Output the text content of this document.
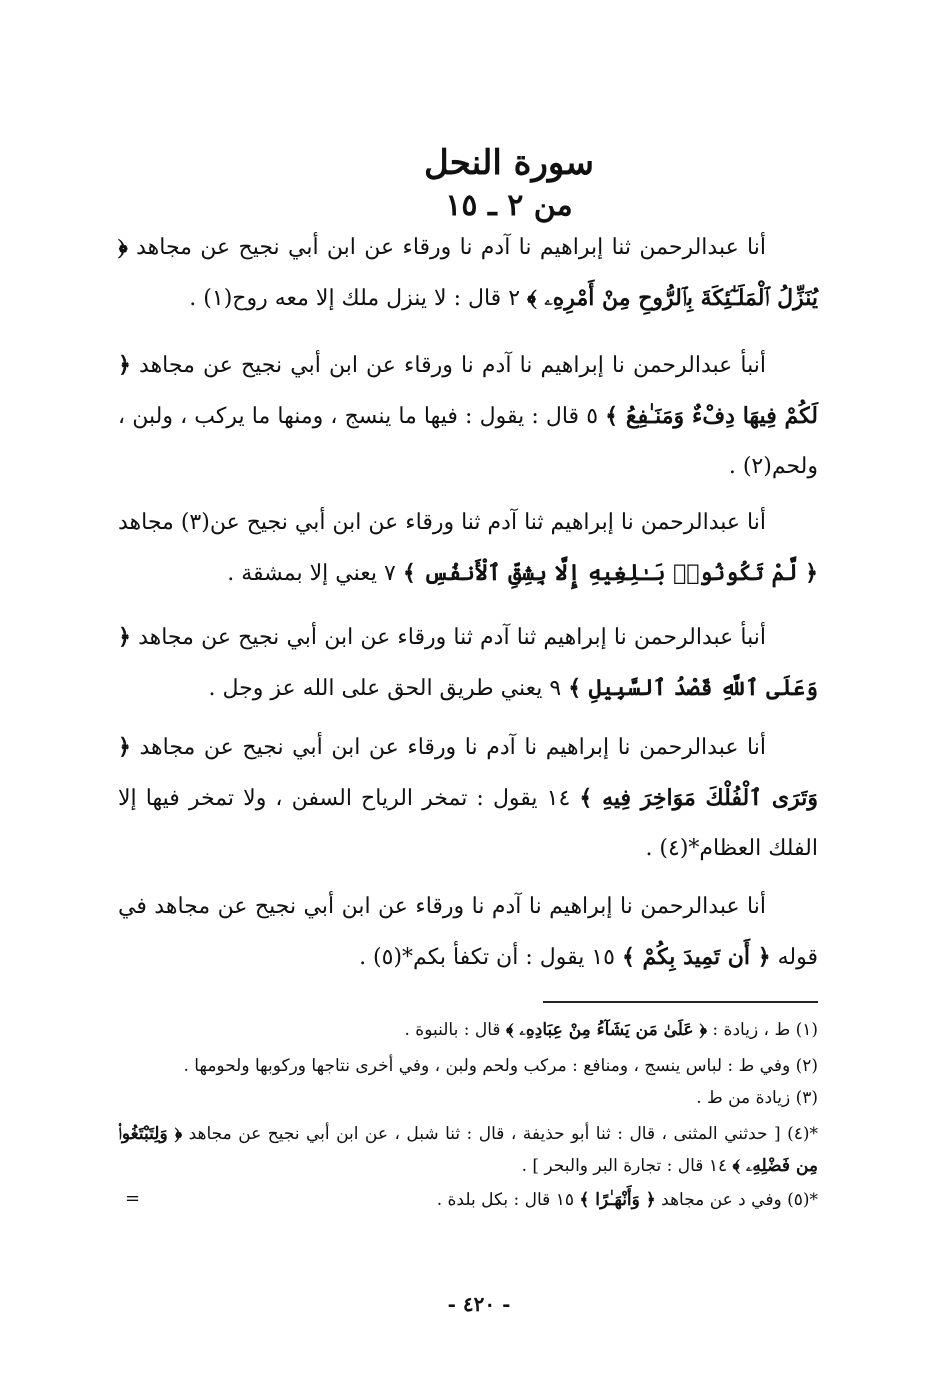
سورة النحل
من ٢ ـ ١٥

أنا عبدالرحمن ثنا إبراهيم نا آدم نا ورقاء عن ابن أبي نجيح عن مجاهد ﴿ يُنَزِّلُ ٱلْمَلَـٰٓئِكَةَ بِٱلرُّوحِ مِنْ أَمْرِهِۦ ﴾ ٢ قال : لا ينزل ملك إلا معه روح(١) .

أنبأ عبدالرحمن نا إبراهيم نا آدم نا ورقاء عن ابن أبي نجيح عن مجاهد ﴿ لَكُمْ فِيهَا دِفْءٌ وَمَنَـٰفِعُ ﴾ ٥ قال : يقول : فيها ما ينسج ، ومنها ما يركب ، ولبن ، ولحم(٢) .

أنا عبدالرحمن نا إبراهيم ثنا آدم ثنا ورقاء عن ابن أبي نجيح عن(٣) مجاهد ﴿ لَّمْ تَكُونُوا۟ بَـٰلِغِيهِ إِلَّا بِشِقِّ ٱلْأَنفُسِ ﴾ ٧ يعني إلا بمشقة .

أنبأ عبدالرحمن نا إبراهيم ثنا آدم ثنا ورقاء عن ابن أبي نجيح عن مجاهد ﴿ وَعَلَى ٱللَّهِ قَصْدُ ٱلسَّبِيلِ ﴾ ٩ يعني طريق الحق على الله عز وجل .

أنا عبدالرحمن نا إبراهيم نا آدم نا ورقاء عن ابن أبي نجيح عن مجاهد ﴿ وَتَرَى ٱلْفُلْكَ مَوَاخِرَ فِيهِ ﴾ ١٤ يقول : تمخر الرياح السفن ، ولا تمخر فيها إلا الفلك العظام*(٤) .

أنا عبدالرحمن نا إبراهيم نا آدم نا ورقاء عن ابن أبي نجيح عن مجاهد في قوله ﴿ أَن تَمِيدَ بِكُمْ ﴾ ١٥ يقول : أن تكفأ بكم*(٥) .

(١) ط ، زيادة : ﴿ عَلَىٰ مَن يَشَآءُ مِنْ عِبَادِهِۦ ﴾ قال : بالنبوة .

(٢) وفي ط : لباس ينسج ، ومنافع : مركب ولحم ولبن ، وفي أخرى نتاجها وركوبها ولحومها .

(٣) زيادة من ط .

*(٤) [ حدثني المثنى ، قال : ثنا أبو حذيفة ، قال : ثنا شبل ، عن ابن أبي نجيح عن مجاهد ﴿ وَلِتَبْتَغُوا۟ مِن فَضْلِهِۦ ﴾ ١٤ قال : تجارة البر والبحر ] .

*(٥) وفي د عن مجاهد ﴿ وَأَنْهَـٰرًا ﴾ ١٥ قال : بكل بلدة .

=
- ٤٢٠ -
